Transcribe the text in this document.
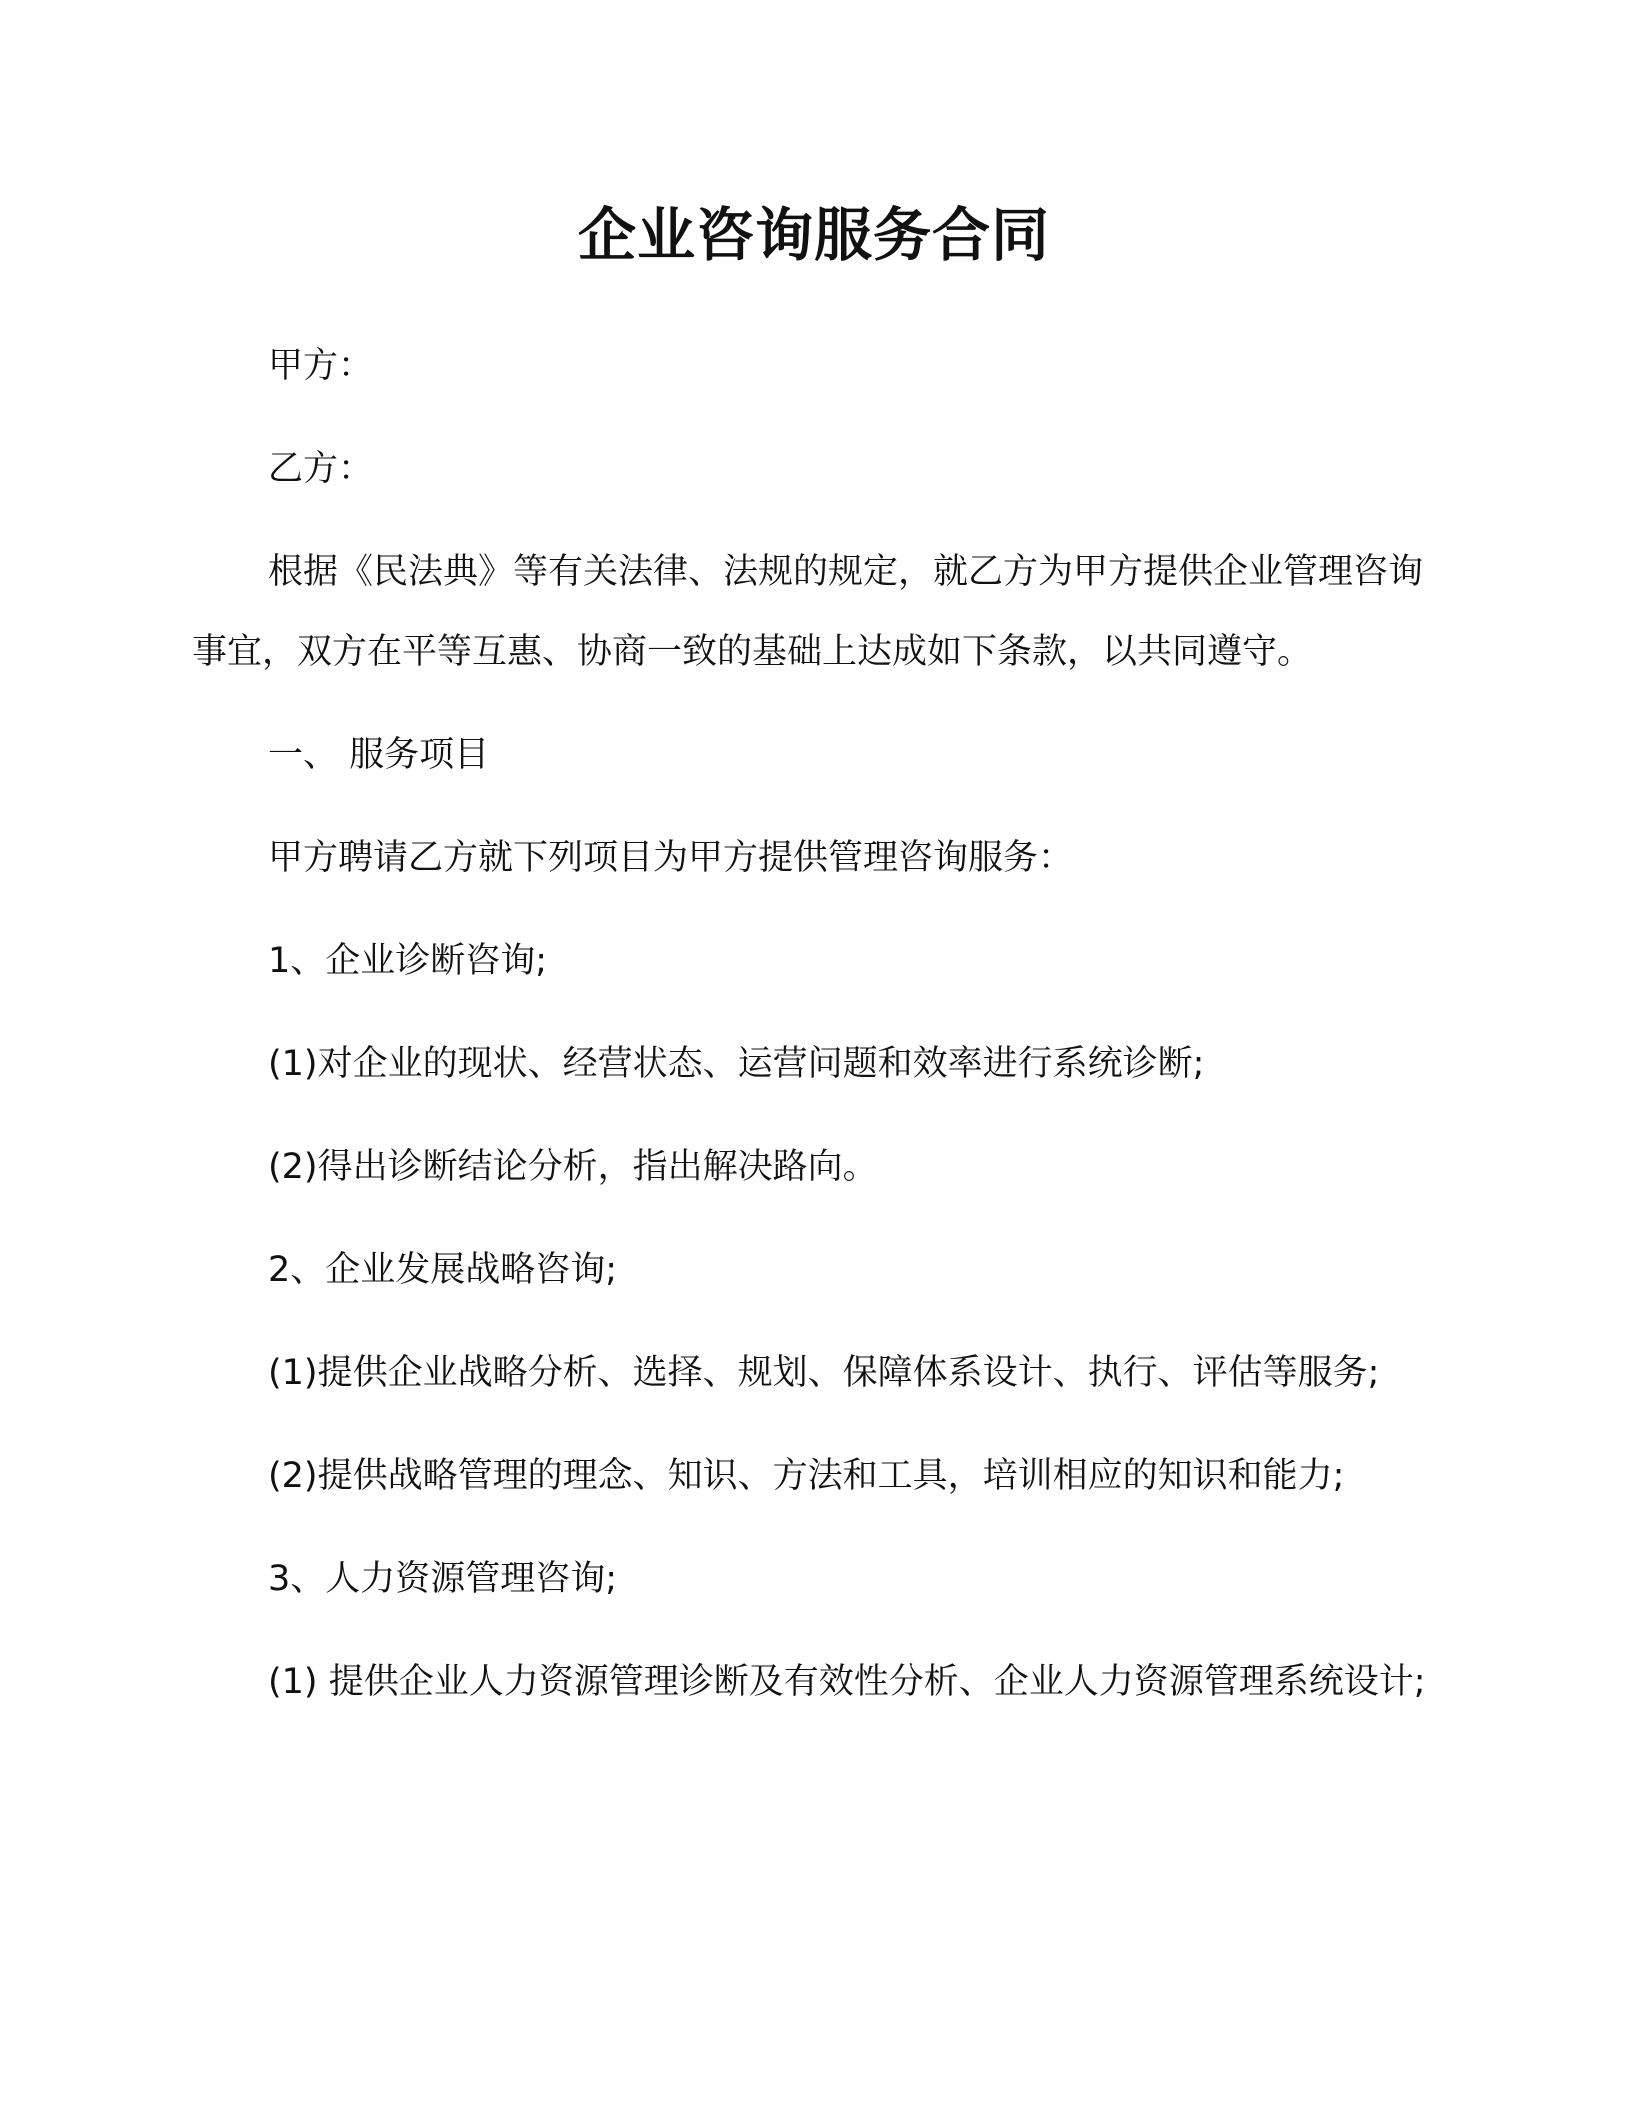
企业咨询服务合同
甲方：
乙方：
根据《民法典》等有关法律、法规的规定，就乙方为甲方提供企业管理咨询事宜，双方在平等互惠、协商一致的基础上达成如下条款，以共同遵守。
一、 服务项目
甲方聘请乙方就下列项目为甲方提供管理咨询服务：
1、企业诊断咨询;
(1)对企业的现状、经营状态、运营问题和效率进行系统诊断;
(2)得出诊断结论分析，指出解决路向。
2、企业发展战略咨询;
(1)提供企业战略分析、选择、规划、保障体系设计、执行、评估等服务;
(2)提供战略管理的理念、知识、方法和工具，培训相应的知识和能力;
3、人力资源管理咨询;
(1) 提供企业人力资源管理诊断及有效性分析、企业人力资源管理系统设计;
